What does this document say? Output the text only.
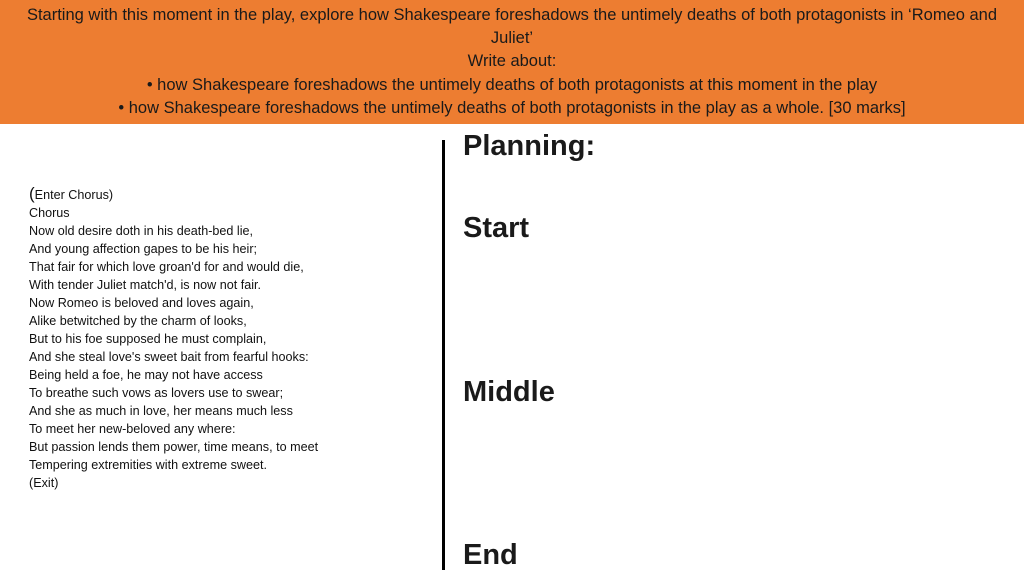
Starting with this moment in the play, explore how Shakespeare foreshadows the untimely deaths of both protagonists in ‘Romeo and Juliet’
Write about:
• how Shakespeare foreshadows the untimely deaths of both protagonists at this moment in the play
• how Shakespeare foreshadows the untimely deaths of both protagonists in the play as a whole. [30 marks]
(Enter Chorus)
Chorus
Now old desire doth in his death-bed lie,
And young affection gapes to be his heir;
That fair for which love groan'd for and would die,
With tender Juliet match'd, is now not fair.
Now Romeo is beloved and loves again,
Alike betwitched by the charm of looks,
But to his foe supposed he must complain,
And she steal love's sweet bait from fearful hooks:
Being held a foe, he may not have access
To breathe such vows as lovers use to swear;
And she as much in love, her means much less
To meet her new-beloved any where:
But passion lends them power, time means, to meet
Tempering extremities with extreme sweet.
(Exit)
Planning:
Start
Middle
End
